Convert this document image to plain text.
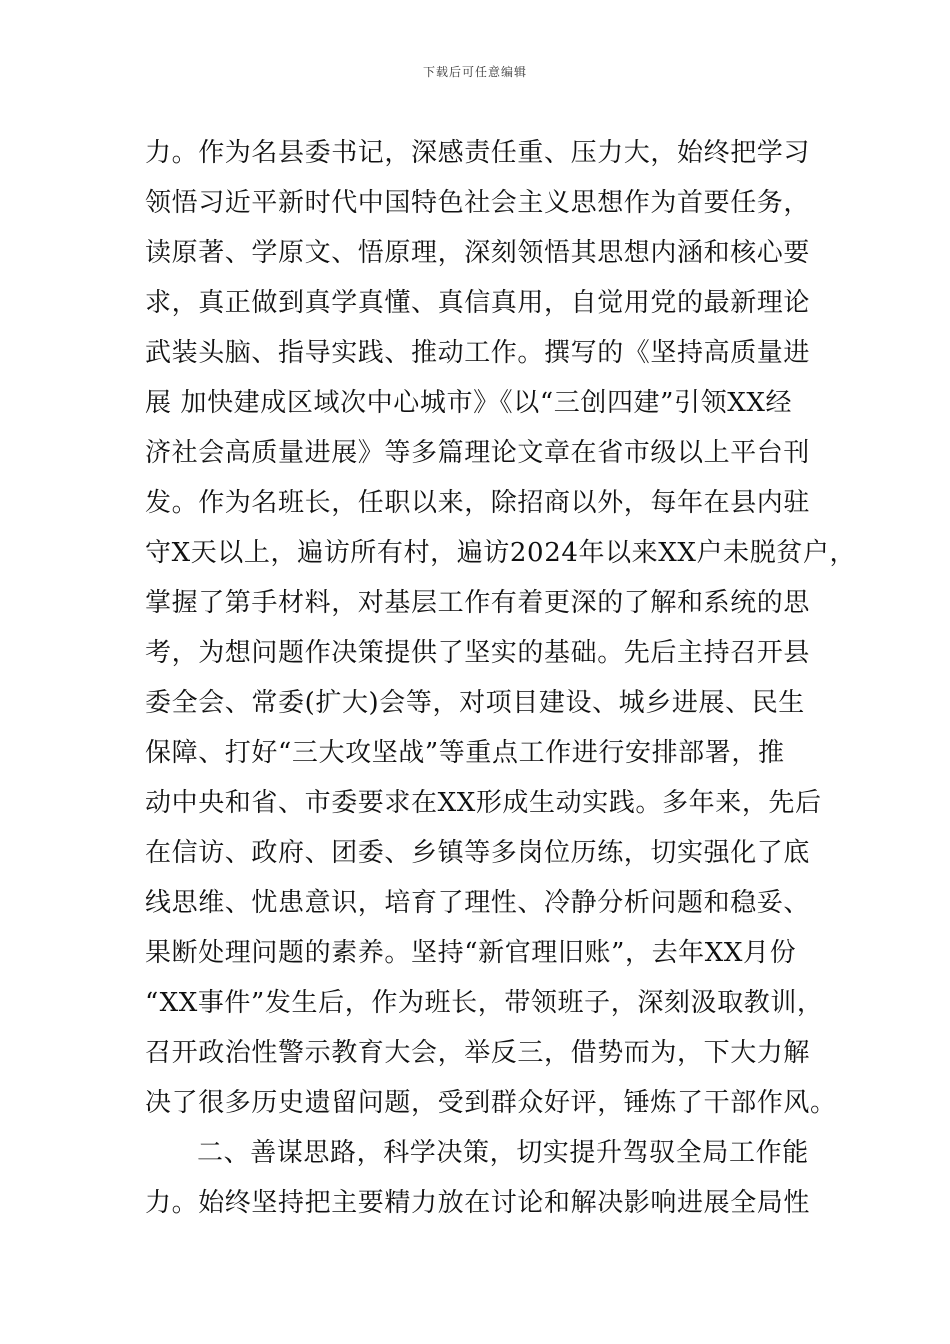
下载后可任意编辑
力。作为名县委书记，深感责任重、压力大，始终把学习
领悟习近平新时代中国特色社会主义思想作为首要任务，
读原著、学原文、悟原理，深刻领悟其思想内涵和核心要
求，真正做到真学真懂、真信真用，自觉用党的最新理论
武装头脑、指导实践、推动工作。撰写的《坚持高质量进
展 加快建成区域次中心城市》《以“三创四建”引领XX经
济社会高质量进展》等多篇理论文章在省市级以上平台刊
发。作为名班长，任职以来，除招商以外，每年在县内驻
守X天以上，遍访所有村，遍访2024年以来XX户未脱贫户，
掌握了第手材料，对基层工作有着更深的了解和系统的思
考，为想问题作决策提供了坚实的基础。先后主持召开县
委全会、常委(扩大)会等，对项目建设、城乡进展、民生
保障、打好“三大攻坚战”等重点工作进行安排部署，推
动中央和省、市委要求在XX形成生动实践。多年来，先后
在信访、政府、团委、乡镇等多岗位历练，切实强化了底
线思维、忧患意识，培育了理性、冷静分析问题和稳妥、
果断处理问题的素养。坚持“新官理旧账”，去年XX月份
“XX事件”发生后，作为班长，带领班子，深刻汲取教训，
召开政治性警示教育大会，举反三，借势而为，下大力解
决了很多历史遗留问题，受到群众好评，锤炼了干部作风。
二、善谋思路，科学决策，切实提升驾驭全局工作能
力。始终坚持把主要精力放在讨论和解决影响进展全局性
